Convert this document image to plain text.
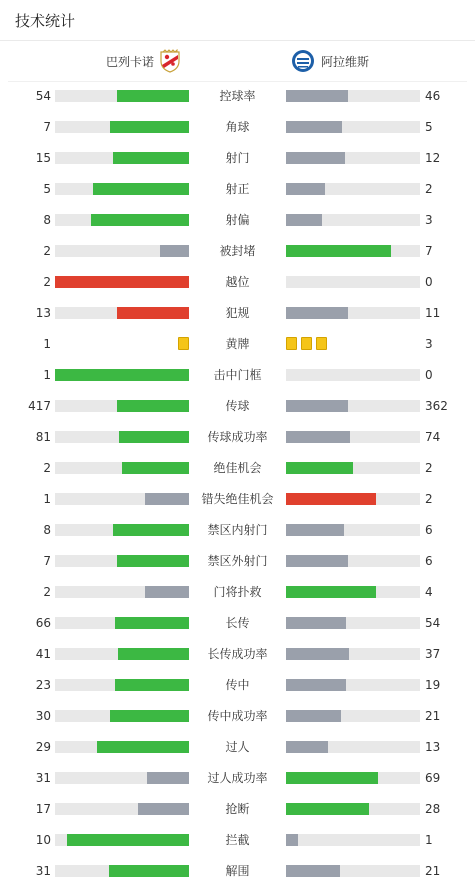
技术统计
巴列卡诺	阿拉维斯
54	控球率	46
7	角球	5
15	射门	12
5	射正	2
8	射偏	3
2	被封堵	7
2	越位	0
13	犯规	11
1	黄牌	3
1	击中门框	0
417	传球	362
81	传球成功率	74
2	绝佳机会	2
1	错失绝佳机会	2
8	禁区内射门	6
7	禁区外射门	6
2	门将扑救	4
66	长传	54
41	长传成功率	37
23	传中	19
30	传中成功率	21
29	过人	13
31	过人成功率	69
17	抢断	28
10	拦截	1
31	解围	21
